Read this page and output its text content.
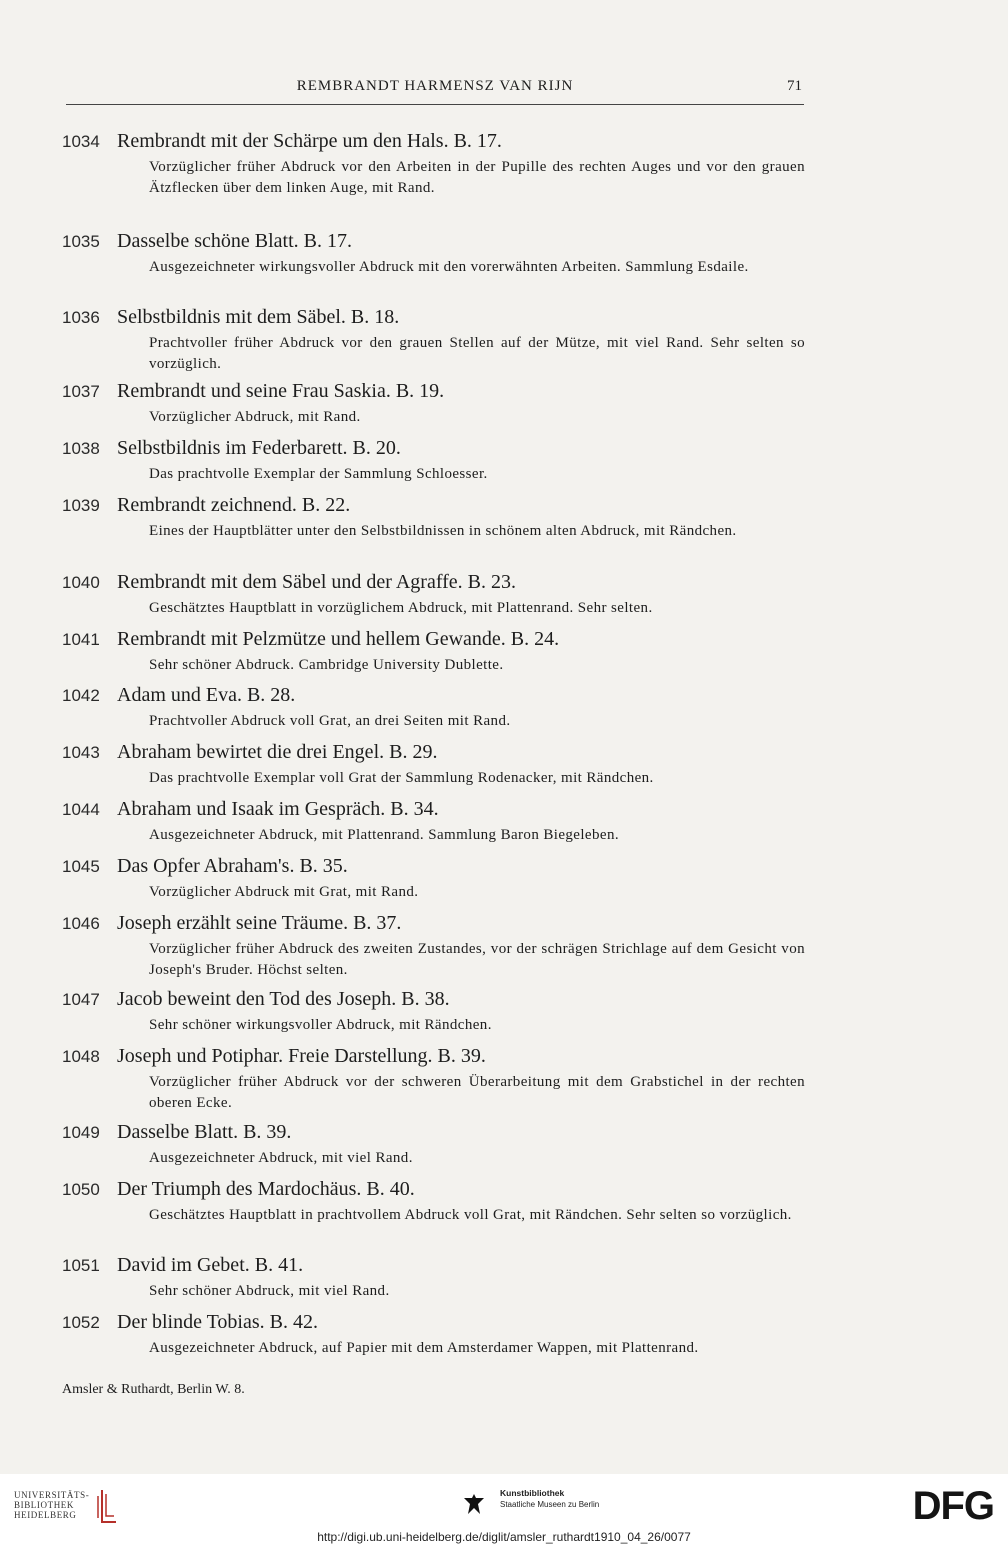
REMBRANDT HARMENSZ VAN RIJN	71
1034 Rembrandt mit der Schärpe um den Hals. B. 17.
Vorzüglicher früher Abdruck vor den Arbeiten in der Pupille des rechten Auges und vor den grauen Ätzflecken über dem linken Auge, mit Rand.
1035 Dasselbe schöne Blatt. B. 17.
Ausgezeichneter wirkungsvoller Abdruck mit den vorerwähnten Arbeiten. Sammlung Esdaile.
1036 Selbstbildnis mit dem Säbel. B. 18.
Prachtvoller früher Abdruck vor den grauen Stellen auf der Mütze, mit viel Rand. Sehr selten so vorzüglich.
1037 Rembrandt und seine Frau Saskia. B. 19.
Vorzüglicher Abdruck, mit Rand.
1038 Selbstbildnis im Federbarett. B. 20.
Das prachtvolle Exemplar der Sammlung Schloesser.
1039 Rembrandt zeichnend. B. 22.
Eines der Hauptblätter unter den Selbstbildnissen in schönem alten Abdruck, mit Rändchen.
1040 Rembrandt mit dem Säbel und der Agraffe. B. 23.
Geschätztes Hauptblatt in vorzüglichem Abdruck, mit Plattenrand. Sehr selten.
1041 Rembrandt mit Pelzmütze und hellem Gewande. B. 24.
Sehr schöner Abdruck. Cambridge University Dublette.
1042 Adam und Eva. B. 28.
Prachtvoller Abdruck voll Grat, an drei Seiten mit Rand.
1043 Abraham bewirtet die drei Engel. B. 29.
Das prachtvolle Exemplar voll Grat der Sammlung Rodenacker, mit Rändchen.
1044 Abraham und Isaak im Gespräch. B. 34.
Ausgezeichneter Abdruck, mit Plattenrand. Sammlung Baron Biegeleben.
1045 Das Opfer Abraham's. B. 35.
Vorzüglicher Abdruck mit Grat, mit Rand.
1046 Joseph erzählt seine Träume. B. 37.
Vorzüglicher früher Abdruck des zweiten Zustandes, vor der schrägen Strichlage auf dem Gesicht von Joseph's Bruder. Höchst selten.
1047 Jacob beweint den Tod des Joseph. B. 38.
Sehr schöner wirkungsvoller Abdruck, mit Rändchen.
1048 Joseph und Potiphar. Freie Darstellung. B. 39.
Vorzüglicher früher Abdruck vor der schweren Überarbeitung mit dem Grabstichel in der rechten oberen Ecke.
1049 Dasselbe Blatt. B. 39.
Ausgezeichneter Abdruck, mit viel Rand.
1050 Der Triumph des Mardochäus. B. 40.
Geschätztes Hauptblatt in prachtvollem Abdruck voll Grat, mit Rändchen. Sehr selten so vorzüglich.
1051 David im Gebet. B. 41.
Sehr schöner Abdruck, mit viel Rand.
1052 Der blinde Tobias. B. 42.
Ausgezeichneter Abdruck, auf Papier mit dem Amsterdamer Wappen, mit Plattenrand.
Amsler & Ruthardt, Berlin W. 8.
UNIVERSITÄTS-
BIBLIOTHEK
HEIDELBERG
Kunstbibliothek
Staatliche Museen zu Berlin	DFG
http://digi.ub.uni-heidelberg.de/diglit/amsler_ruthardt1910_04_26/0077
